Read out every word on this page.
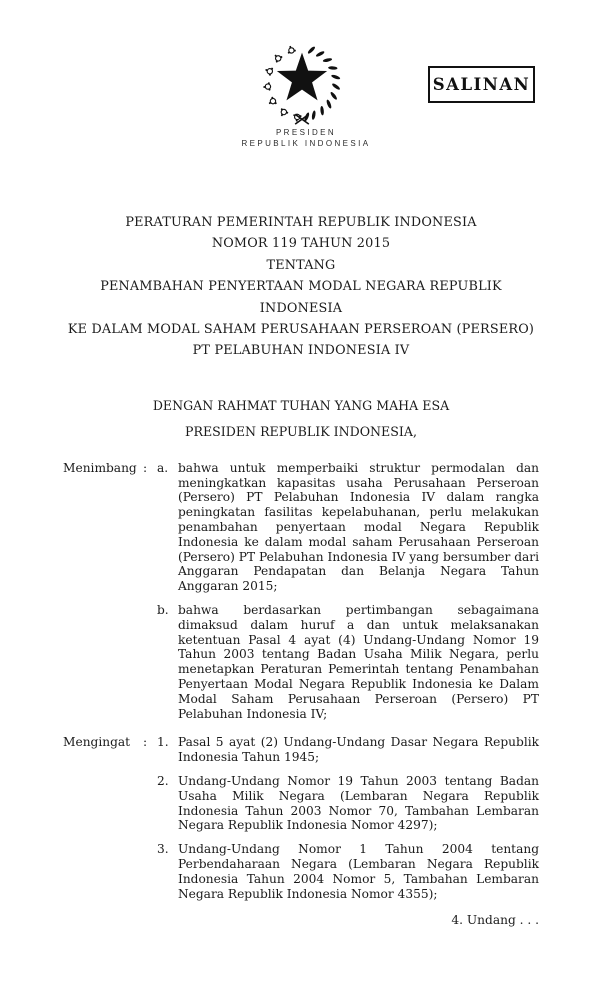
PRESIDEN
REPUBLIK INDONESIA
SALINAN
PERATURAN PEMERINTAH REPUBLIK INDONESIA
NOMOR 119 TAHUN 2015
TENTANG
PENAMBAHAN PENYERTAAN MODAL NEGARA REPUBLIK INDONESIA
KE DALAM MODAL SAHAM PERUSAHAAN PERSEROAN (PERSERO)
PT PELABUHAN INDONESIA IV
DENGAN RAHMAT TUHAN YANG MAHA ESA
PRESIDEN REPUBLIK INDONESIA,
Menimbang : a. bahwa untuk memperbaiki struktur permodalan dan meningkatkan kapasitas usaha Perusahaan Perseroan (Persero) PT Pelabuhan Indonesia IV dalam rangka peningkatan fasilitas kepelabuhanan, perlu melakukan penambahan penyertaan modal Negara Republik Indonesia ke dalam modal saham Perusahaan Perseroan (Persero) PT Pelabuhan Indonesia IV yang bersumber dari Anggaran Pendapatan dan Belanja Negara Tahun Anggaran 2015;
b. bahwa berdasarkan pertimbangan sebagaimana dimaksud dalam huruf a dan untuk melaksanakan ketentuan Pasal 4 ayat (4) Undang-Undang Nomor 19 Tahun 2003 tentang Badan Usaha Milik Negara, perlu menetapkan Peraturan Pemerintah tentang Penambahan Penyertaan Modal Negara Republik Indonesia ke Dalam Modal Saham Perusahaan Perseroan (Persero) PT Pelabuhan Indonesia IV;
Mengingat	: 1. Pasal 5 ayat (2) Undang-Undang Dasar Negara Republik Indonesia Tahun 1945;
2. Undang-Undang Nomor 19 Tahun 2003 tentang Badan Usaha Milik Negara (Lembaran Negara Republik Indonesia Tahun 2003 Nomor 70, Tambahan Lembaran Negara Republik Indonesia Nomor 4297);
3. Undang-Undang Nomor 1 Tahun 2004 tentang Perbendaharaan Negara (Lembaran Negara Republik Indonesia Tahun 2004 Nomor 5, Tambahan Lembaran Negara Republik Indonesia Nomor 4355);
4. Undang . . .
